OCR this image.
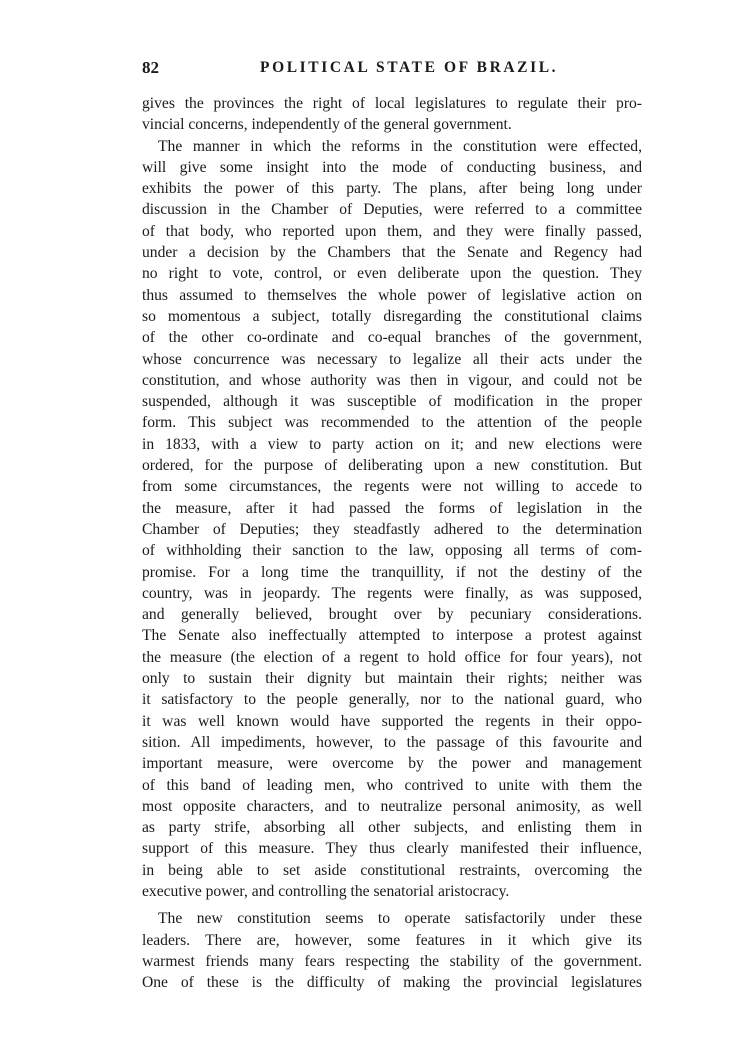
82	POLITICAL STATE OF BRAZIL.
gives the provinces the right of local legislatures to regulate their pro-
vincial concerns, independently of the general government.
The manner in which the reforms in the constitution were effected,
will give some insight into the mode of conducting business, and
exhibits the power of this party. The plans, after being long under
discussion in the Chamber of Deputies, were referred to a committee
of that body, who reported upon them, and they were finally passed,
under a decision by the Chambers that the Senate and Regency had
no right to vote, control, or even deliberate upon the question. They
thus assumed to themselves the whole power of legislative action on
so momentous a subject, totally disregarding the constitutional claims
of the other co-ordinate and co-equal branches of the government,
whose concurrence was necessary to legalize all their acts under the
constitution, and whose authority was then in vigour, and could not be
suspended, although it was susceptible of modification in the proper
form. This subject was recommended to the attention of the people
in 1833, with a view to party action on it; and new elections were
ordered, for the purpose of deliberating upon a new constitution. But
from some circumstances, the regents were not willing to accede to
the measure, after it had passed the forms of legislation in the
Chamber of Deputies; they steadfastly adhered to the determination
of withholding their sanction to the law, opposing all terms of com-
promise. For a long time the tranquillity, if not the destiny of the
country, was in jeopardy. The regents were finally, as was supposed,
and generally believed, brought over by pecuniary considerations.
The Senate also ineffectually attempted to interpose a protest against
the measure (the election of a regent to hold office for four years), not
only to sustain their dignity but maintain their rights; neither was
it satisfactory to the people generally, nor to the national guard, who
it was well known would have supported the regents in their oppo-
sition. All impediments, however, to the passage of this favourite and
important measure, were overcome by the power and management
of this band of leading men, who contrived to unite with them the
most opposite characters, and to neutralize personal animosity, as well
as party strife, absorbing all other subjects, and enlisting them in
support of this measure. They thus clearly manifested their influence,
in being able to set aside constitutional restraints, overcoming the
executive power, and controlling the senatorial aristocracy.
The new constitution seems to operate satisfactorily under these
leaders. There are, however, some features in it which give its
warmest friends many fears respecting the stability of the government.
One of these is the difficulty of making the provincial legislatures
